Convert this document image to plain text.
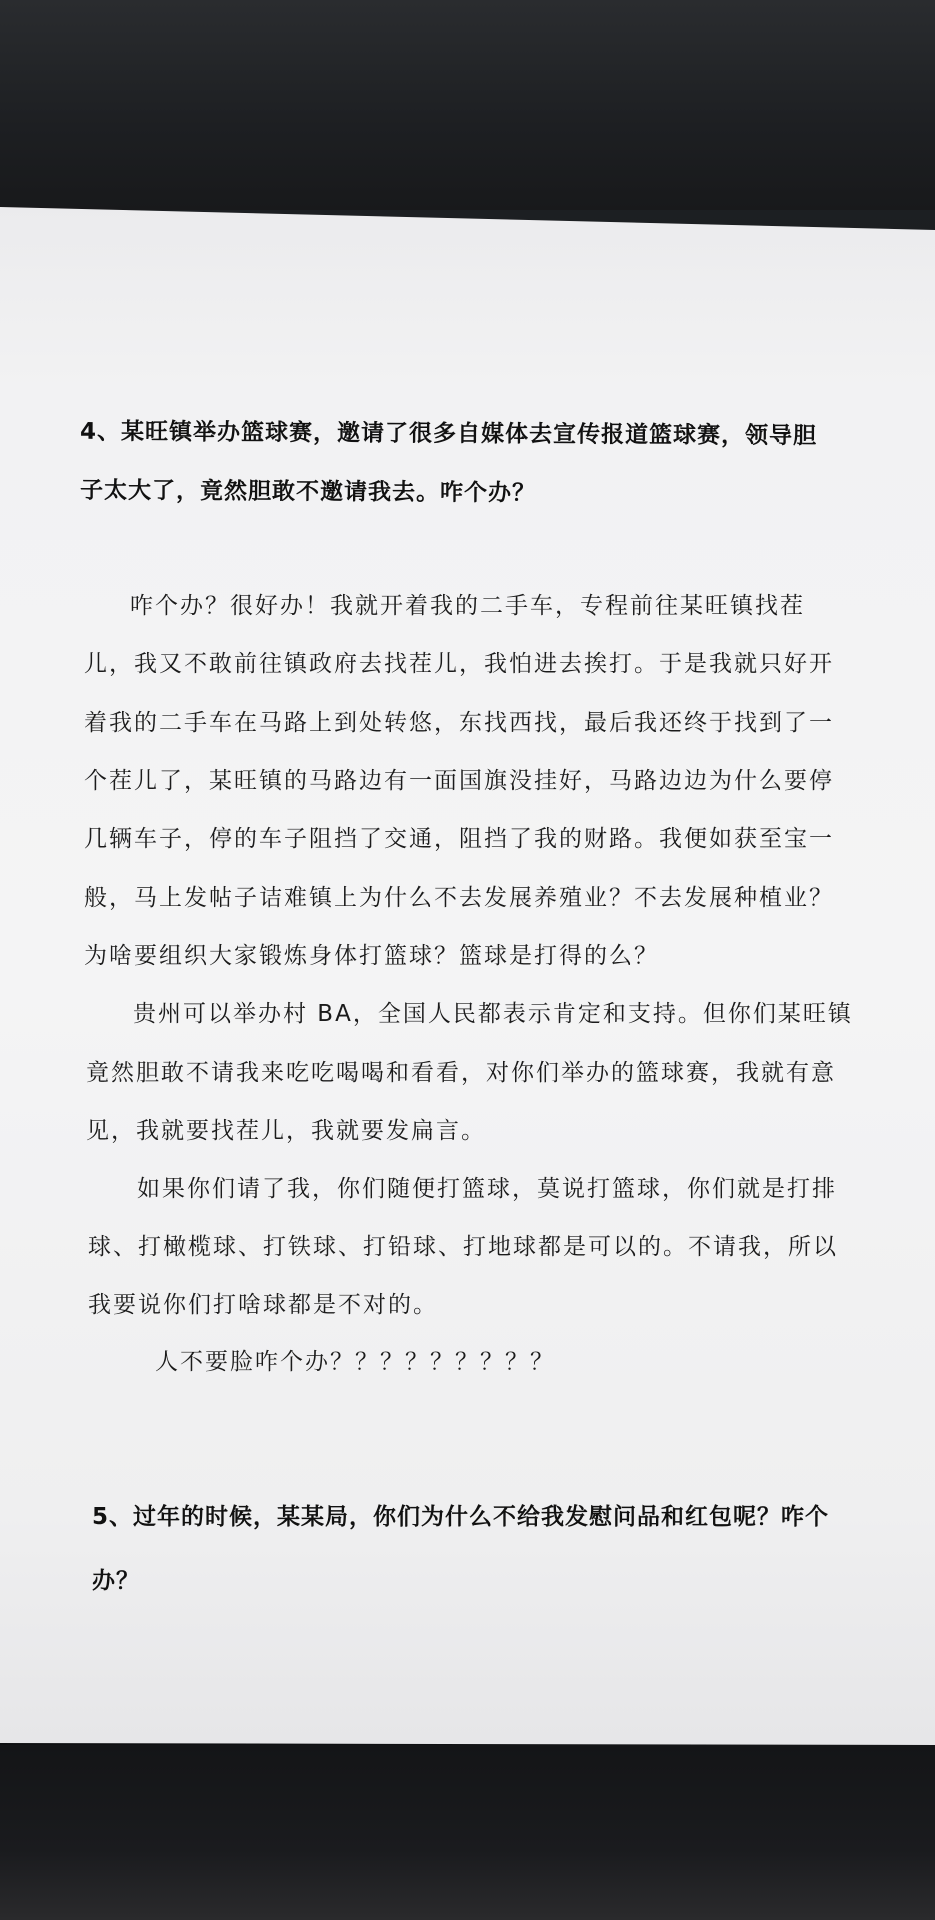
4、某旺镇举办篮球赛，邀请了很多自媒体去宣传报道篮球赛，领导胆
子太大了，竟然胆敢不邀请我去。咋个办？
咋个办？很好办！我就开着我的二手车，专程前往某旺镇找茬
儿，我又不敢前往镇政府去找茬儿，我怕进去挨打。于是我就只好开
着我的二手车在马路上到处转悠，东找西找，最后我还终于找到了一
个茬儿了，某旺镇的马路边有一面国旗没挂好，马路边边为什么要停
几辆车子，停的车子阻挡了交通，阻挡了我的财路。我便如获至宝一
般，马上发帖子诘难镇上为什么不去发展养殖业？不去发展种植业？
为啥要组织大家锻炼身体打篮球？篮球是打得的么？
贵州可以举办村 BA，全国人民都表示肯定和支持。但你们某旺镇
竟然胆敢不请我来吃吃喝喝和看看，对你们举办的篮球赛，我就有意
见，我就要找茬儿，我就要发扁言。
如果你们请了我，你们随便打篮球，莫说打篮球，你们就是打排
球、打橄榄球、打铁球、打铅球、打地球都是可以的。不请我，所以
我要说你们打啥球都是不对的。
人不要脸咋个办？？？？？？？？？
5、过年的时候，某某局，你们为什么不给我发慰问品和红包呢？咋个
办？
